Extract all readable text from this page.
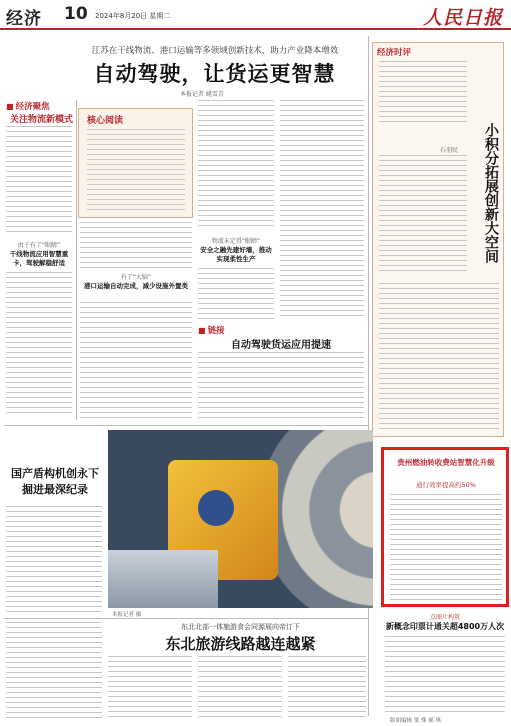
经济 10 2024年8月20日 星期二	人民日报
江苏在干线物流、港口运输等多领域创新技术，助力产业降本增效
自动驾驶，让货运更智慧
本报记者 姚雪青
■ 经济聚焦
关注物流新模式
由于有了“眼睛”
干线物流应用智慧重卡，驾驶解稳舒适
核心阅读
有了“大脑”
港口运输自动完成，减少设施外置类
物流未定得“眼睛”
安全之融先建好墙，推动实现柔性生产
■ 链接
自动驾驶货运应用提速
经济时评
小积分拓展创新大空间
石羽民
国产盾构机创永下掘进最深纪录
本报记者 摄
东北北部一体施游食会同源展向帝订下
东北旅游线路越连越紧
贵州燃油转收费站智慧化升级
通行效率提高约50%
点图片构筑
新概念印票计通关超4800万人次
版面编辑 梁 殊 郝 琪
